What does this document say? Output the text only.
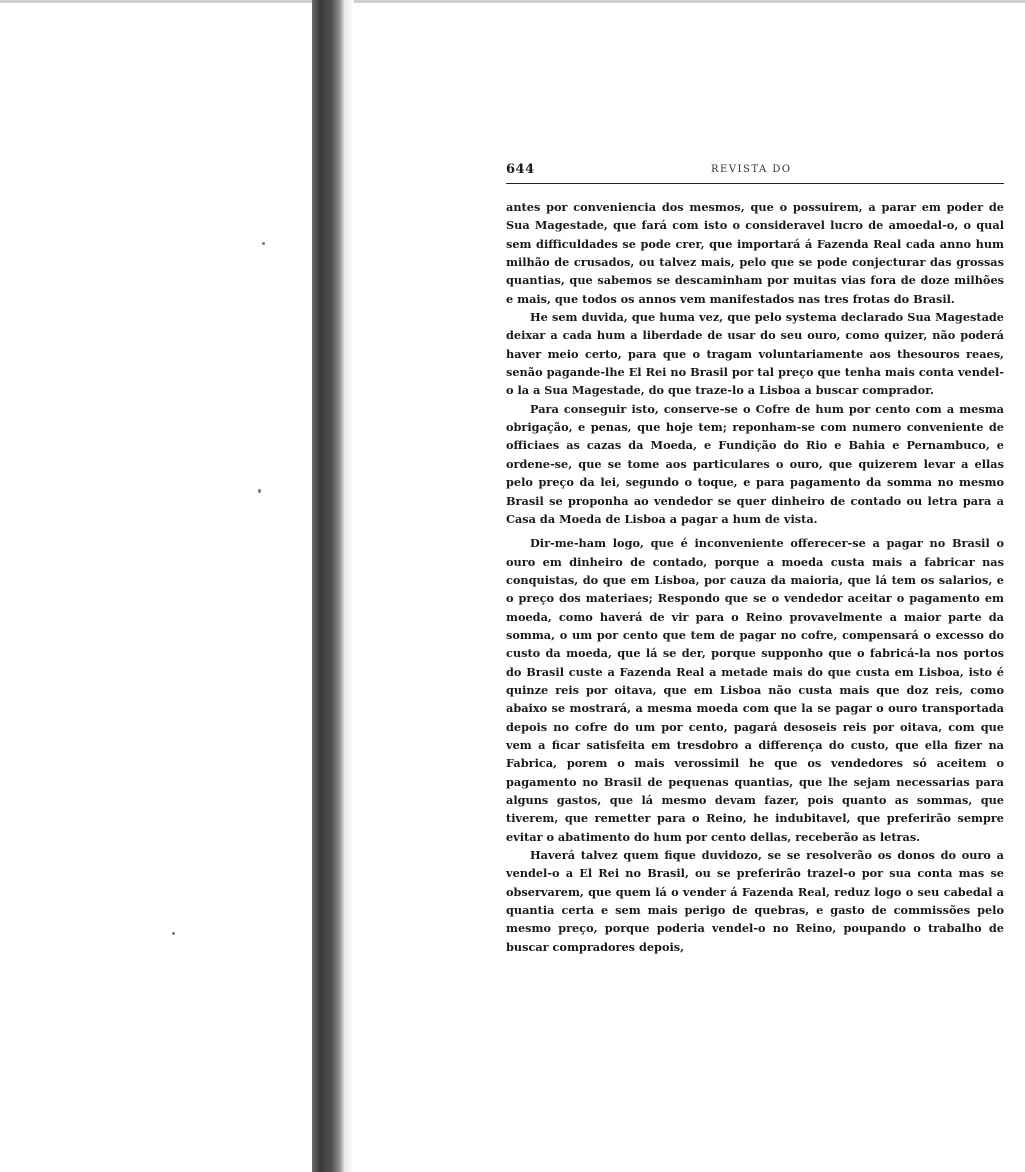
644	REVISTA DO

antes por conveniencia dos mesmos, que o possuirem, a parar em poder de Sua Magestade, que fará com isto o consideravel lucro de amoedal-o, o qual sem difficuldades se pode crer, que importará á Fazenda Real cada anno hum milhão de crusados, ou talvez mais, pelo que se pode conjecturar das grossas quantias, que sabemos se descaminham por muitas vias fora de doze milhões e mais, que todos os annos vem manifestados nas tres frotas do Brasil.

He sem duvida, que huma vez, que pelo systema declarado Sua Magestade deixar a cada hum a liberdade de usar do seu ouro, como quizer, não poderá haver meio certo, para que o tragam voluntariamente aos thesouros reaes, senão pagande-lhe El Rei no Brasil por tal preço que tenha mais conta vendel-o la a Sua Magestade, do que traze-lo a Lisboa a buscar comprador.

Para conseguir isto, conserve-se o Cofre de hum por cento com a mesma obrigação, e penas, que hoje tem; reponham-se com numero conveniente de officiaes as cazas da Moeda, e Fundição do Rio e Bahia e Pernambuco, e ordene-se, que se tome aos particulares o ouro, que quizerem levar a ellas pelo preço da lei, segundo o toque, e para pagamento da somma no mesmo Brasil se proponha ao vendedor se quer dinheiro de contado ou letra para a Casa da Moeda de Lisboa a pagar a hum de vista.

Dir-me-ham logo, que é inconveniente offerecer-se a pagar no Brasil o ouro em dinheiro de contado, porque a moeda custa mais a fabricar nas conquistas, do que em Lisboa, por cauza da maioria, que lá tem os salarios, e o preço dos materiaes; Respondo que se o vendedor aceitar o pagamento em moeda, como haverá de vir para o Reino provavelmente a maior parte da somma, o um por cento que tem de pagar no cofre, compensará o excesso do custo da moeda, que lá se der, porque supponho que o fabricá-la nos portos do Brasil custe a Fazenda Real a metade mais do que custa em Lisboa, isto é quinze reis por oitava, que em Lisboa não custa mais que doz reis, como abaixo se mostrará, a mesma moeda com que la se pagar o ouro transportada depois no cofre do um por cento, pagará desoseis reis por oitava, com que vem a ficar satisfeita em tresdobro a differença do custo, que ella fizer na Fabrica, porem o mais verossimil he que os vendedores só aceitem o pagamento no Brasil de pequenas quantias, que lhe sejam necessarias para alguns gastos, que lá mesmo devam fazer, pois quanto as sommas, que tiverem, que remetter para o Reino, he indubitavel, que preferirão sempre evitar o abatimento do hum por cento dellas, receberão as letras.

Haverá talvez quem fique duvidozo, se se resolverão os donos do ouro a vendel-o a El Rei no Brasil, ou se preferirão trazel-o por sua conta mas se observarem, que quem lá o vender á Fazenda Real, reduz logo o seu cabedal a quantia certa e sem mais perigo de quebras, e gasto de commissões pelo mesmo preço, porque poderia vendel-o no Reino, poupando o trabalho de buscar compradores depois,
